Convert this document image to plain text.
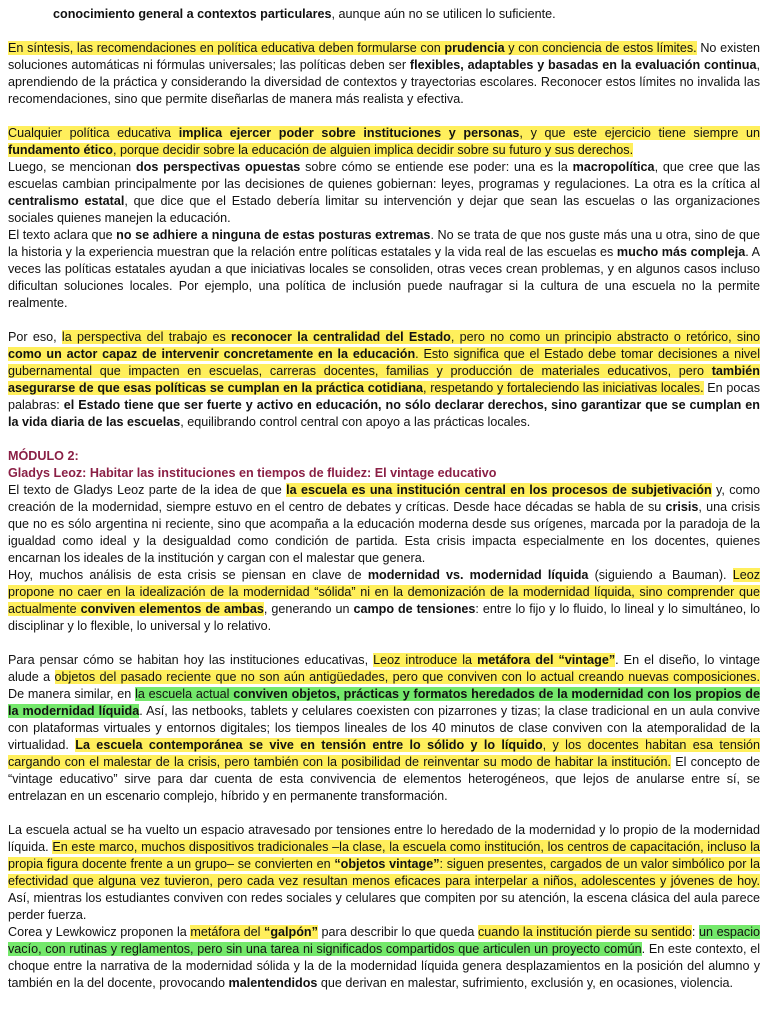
conocimiento general a contextos particulares, aunque aún no se utilicen lo suficiente.

En síntesis, las recomendaciones en política educativa deben formularse con prudencia y con conciencia de estos límites. No existen soluciones automáticas ni fórmulas universales; las políticas deben ser flexibles, adaptables y basadas en la evaluación continua, aprendiendo de la práctica y considerando la diversidad de contextos y trayectorias escolares. Reconocer estos límites no invalida las recomendaciones, sino que permite diseñarlas de manera más realista y efectiva.

Cualquier política educativa implica ejercer poder sobre instituciones y personas, y que este ejercicio tiene siempre un fundamento ético, porque decidir sobre la educación de alguien implica decidir sobre su futuro y sus derechos.

Luego, se mencionan dos perspectivas opuestas sobre cómo se entiende ese poder: una es la macropolítica, que cree que las escuelas cambian principalmente por las decisiones de quienes gobiernan: leyes, programas y regulaciones. La otra es la crítica al centralismo estatal, que dice que el Estado debería limitar su intervención y dejar que sean las escuelas o las organizaciones sociales quienes manejen la educación.

El texto aclara que no se adhiere a ninguna de estas posturas extremas. No se trata de que nos guste más una u otra, sino de que la historia y la experiencia muestran que la relación entre políticas estatales y la vida real de las escuelas es mucho más compleja. A veces las políticas estatales ayudan a que iniciativas locales se consoliden, otras veces crean problemas, y en algunos casos incluso dificultan soluciones locales. Por ejemplo, una política de inclusión puede naufragar si la cultura de una escuela no la permite realmente.

Por eso, la perspectiva del trabajo es reconocer la centralidad del Estado, pero no como un principio abstracto o retórico, sino como un actor capaz de intervenir concretamente en la educación. Esto significa que el Estado debe tomar decisiones a nivel gubernamental que impacten en escuelas, carreras docentes, familias y producción de materiales educativos, pero también asegurarse de que esas políticas se cumplan en la práctica cotidiana, respetando y fortaleciendo las iniciativas locales. En pocas palabras: el Estado tiene que ser fuerte y activo en educación, no sólo declarar derechos, sino garantizar que se cumplan en la vida diaria de las escuelas, equilibrando control central con apoyo a las prácticas locales.

MÓDULO 2:

Gladys Leoz: Habitar las instituciones en tiempos de fluidez: El vintage educativo

El texto de Gladys Leoz parte de la idea de que la escuela es una institución central en los procesos de subjetivación y, como creación de la modernidad, siempre estuvo en el centro de debates y críticas. Desde hace décadas se habla de su crisis, una crisis que no es sólo argentina ni reciente, sino que acompaña a la educación moderna desde sus orígenes, marcada por la paradoja de la igualdad como ideal y la desigualdad como condición de partida. Esta crisis impacta especialmente en los docentes, quienes encarnan los ideales de la institución y cargan con el malestar que genera.

Hoy, muchos análisis de esta crisis se piensan en clave de modernidad vs. modernidad líquida (siguiendo a Bauman). Leoz propone no caer en la idealización de la modernidad “sólida” ni en la demonización de la modernidad líquida, sino comprender que actualmente conviven elementos de ambas, generando un campo de tensiones: entre lo fijo y lo fluido, lo lineal y lo simultáneo, lo disciplinar y lo flexible, lo universal y lo relativo.

Para pensar cómo se habitan hoy las instituciones educativas, Leoz introduce la metáfora del “vintage”. En el diseño, lo vintage alude a objetos del pasado reciente que no son aún antigüedades, pero que conviven con lo actual creando nuevas composiciones. De manera similar, en la escuela actual conviven objetos, prácticas y formatos heredados de la modernidad con los propios de la modernidad líquida. Así, las netbooks, tablets y celulares coexisten con pizarrones y tizas; la clase tradicional en un aula convive con plataformas virtuales y entornos digitales; los tiempos lineales de los 40 minutos de clase conviven con la atemporalidad de la virtualidad. La escuela contemporánea se vive en tensión entre lo sólido y lo líquido, y los docentes habitan esa tensión cargando con el malestar de la crisis, pero también con la posibilidad de reinventar su modo de habitar la institución. El concepto de “vintage educativo” sirve para dar cuenta de esta convivencia de elementos heterogéneos, que lejos de anularse entre sí, se entrelazan en un escenario complejo, híbrido y en permanente transformación.

La escuela actual se ha vuelto un espacio atravesado por tensiones entre lo heredado de la modernidad y lo propio de la modernidad líquida. En este marco, muchos dispositivos tradicionales –la clase, la escuela como institución, los centros de capacitación, incluso la propia figura docente frente a un grupo– se convierten en “objetos vintage”: siguen presentes, cargados de un valor simbólico por la efectividad que alguna vez tuvieron, pero cada vez resultan menos eficaces para interpelar a niños, adolescentes y jóvenes de hoy. Así, mientras los estudiantes conviven con redes sociales y celulares que compiten por su atención, la escena clásica del aula parece perder fuerza.

Corea y Lewkowicz proponen la metáfora del “galpón” para describir lo que queda cuando la institución pierde su sentido: un espacio vacío, con rutinas y reglamentos, pero sin una tarea ni significados compartidos que articulen un proyecto común. En este contexto, el choque entre la narrativa de la modernidad sólida y la de la modernidad líquida genera desplazamientos en la posición del alumno y también en la del docente, provocando malentendidos que derivan en malestar, sufrimiento, exclusión y, en ocasiones, violencia.
